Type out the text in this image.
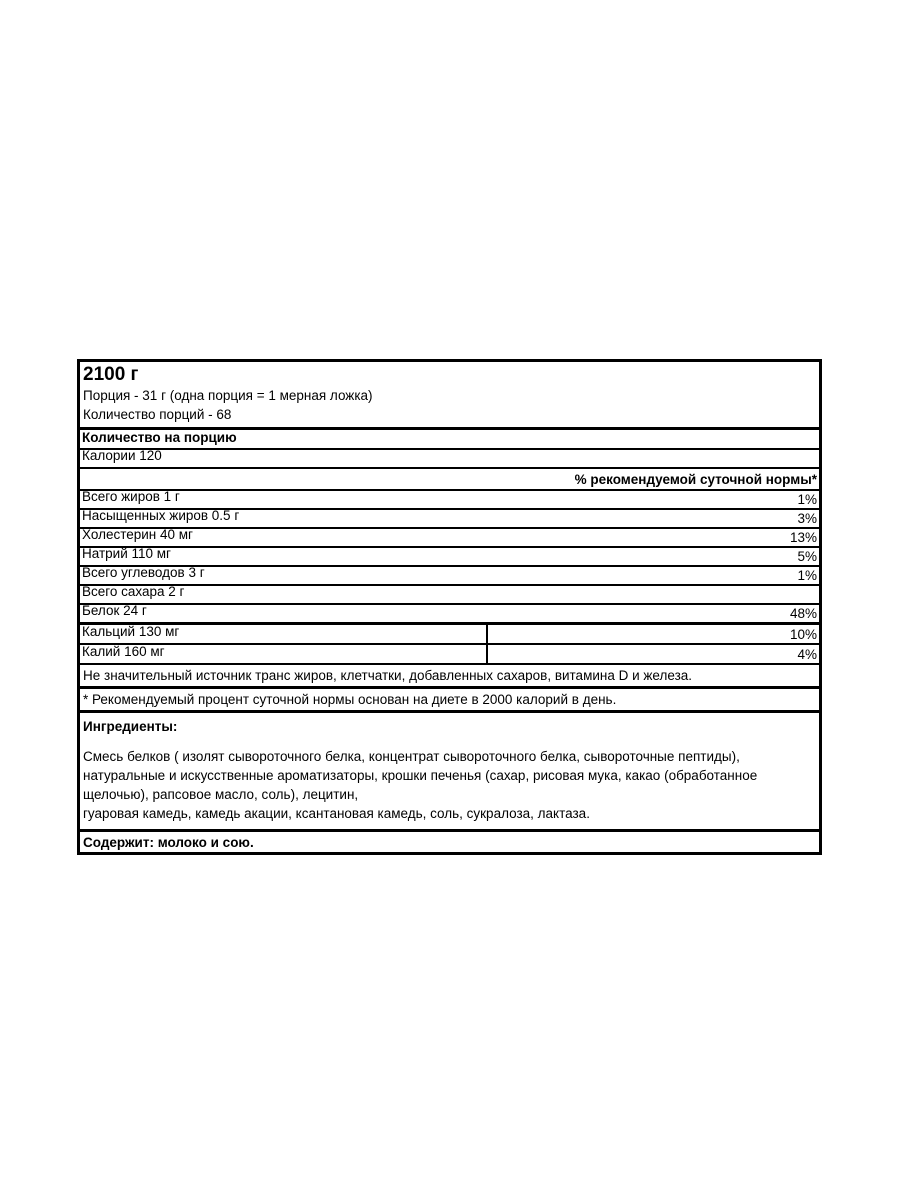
2100 г
Порция - 31 г (одна порция = 1 мерная ложка)
Количество порций - 68
Количество на порцию
Калории 120
% рекомендуемой суточной нормы*
Всего жиров 1 г	1%
Насыщенных жиров 0.5 г	3%
Холестерин 40 мг	13%
Натрий 110 мг	5%
Всего углеводов 3 г	1%
Всего сахара 2 г
Белок 24 г	48%
Кальций 130 мг	10%
Калий 160 мг	4%
Не значительный источник транс жиров, клетчатки, добавленных сахаров, витамина D и железа.
* Рекомендуемый процент суточной нормы основан на диете в 2000 калорий в день.

Ингредиенты:

Смесь белков ( изолят сывороточного белка, концентрат сывороточного белка, сывороточные пептиды), натуральные и искусственные ароматизаторы, крошки печенья (сахар, рисовая мука, какао (обработанное щелочью), рапсовое масло, соль), лецитин,

гуаровая камедь, камедь акации, ксантановая камедь, соль, сукралоза, лактаза.

Содержит: молоко и сою.
